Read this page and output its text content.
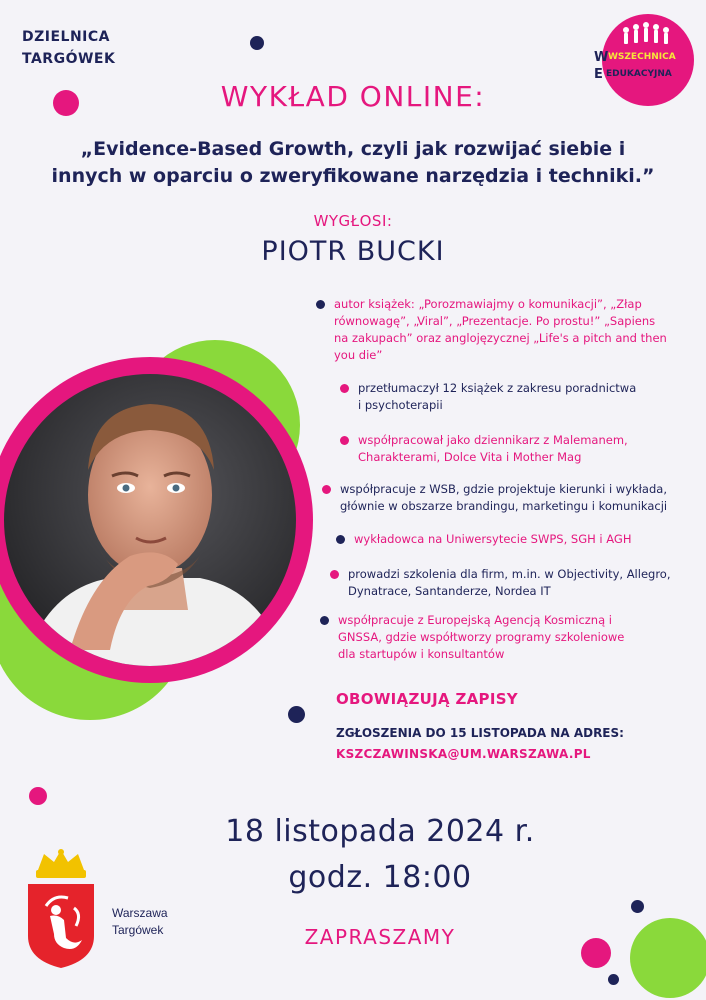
DZIELNICA
TARGÓWEK	W WSZECHNICA
E EDUKACYJNA
WYKŁAD ONLINE:
„Evidence-Based Growth, czyli jak rozwijać siebie i
innych w oparciu o zweryfikowane narzędzia i techniki.”
WYGŁOSI:
PIOTR BUCKI
autor książek: „Porozmawiajmy o komunikacji”, „Złap
równowagę”, „Viral”, „Prezentacje. Po prostu!” „Sapiens
na zakupach” oraz anglojęzycznej „Life's a pitch and then
you die”
przetłumaczył 12 książek z zakresu poradnictwa
i psychoterapii
współpracował jako dziennikarz z Malemanem,
Charakterami, Dolce Vita i Mother Mag
współpracuje z WSB, gdzie projektuje kierunki i wykłada,
głównie w obszarze brandingu, marketingu i komunikacji
wykładowca na Uniwersytecie SWPS, SGH i AGH
prowadzi szkolenia dla firm, m.in. w Objectivity, Allegro,
Dynatrace, Santanderze, Nordea IT
współpracuje z Europejską Agencją Kosmiczną i
GNSSA, gdzie współtworzy programy szkoleniowe
dla startupów i konsultantów
OBOWIĄZUJĄ ZAPISY
ZGŁOSZENIA DO 15 LISTOPADA NA ADRES:
KSZCZAWINSKA@UM.WARSZAWA.PL
18 listopada 2024 r.
godz. 18:00
ZAPRASZAMY
Warszawa
Targówek
